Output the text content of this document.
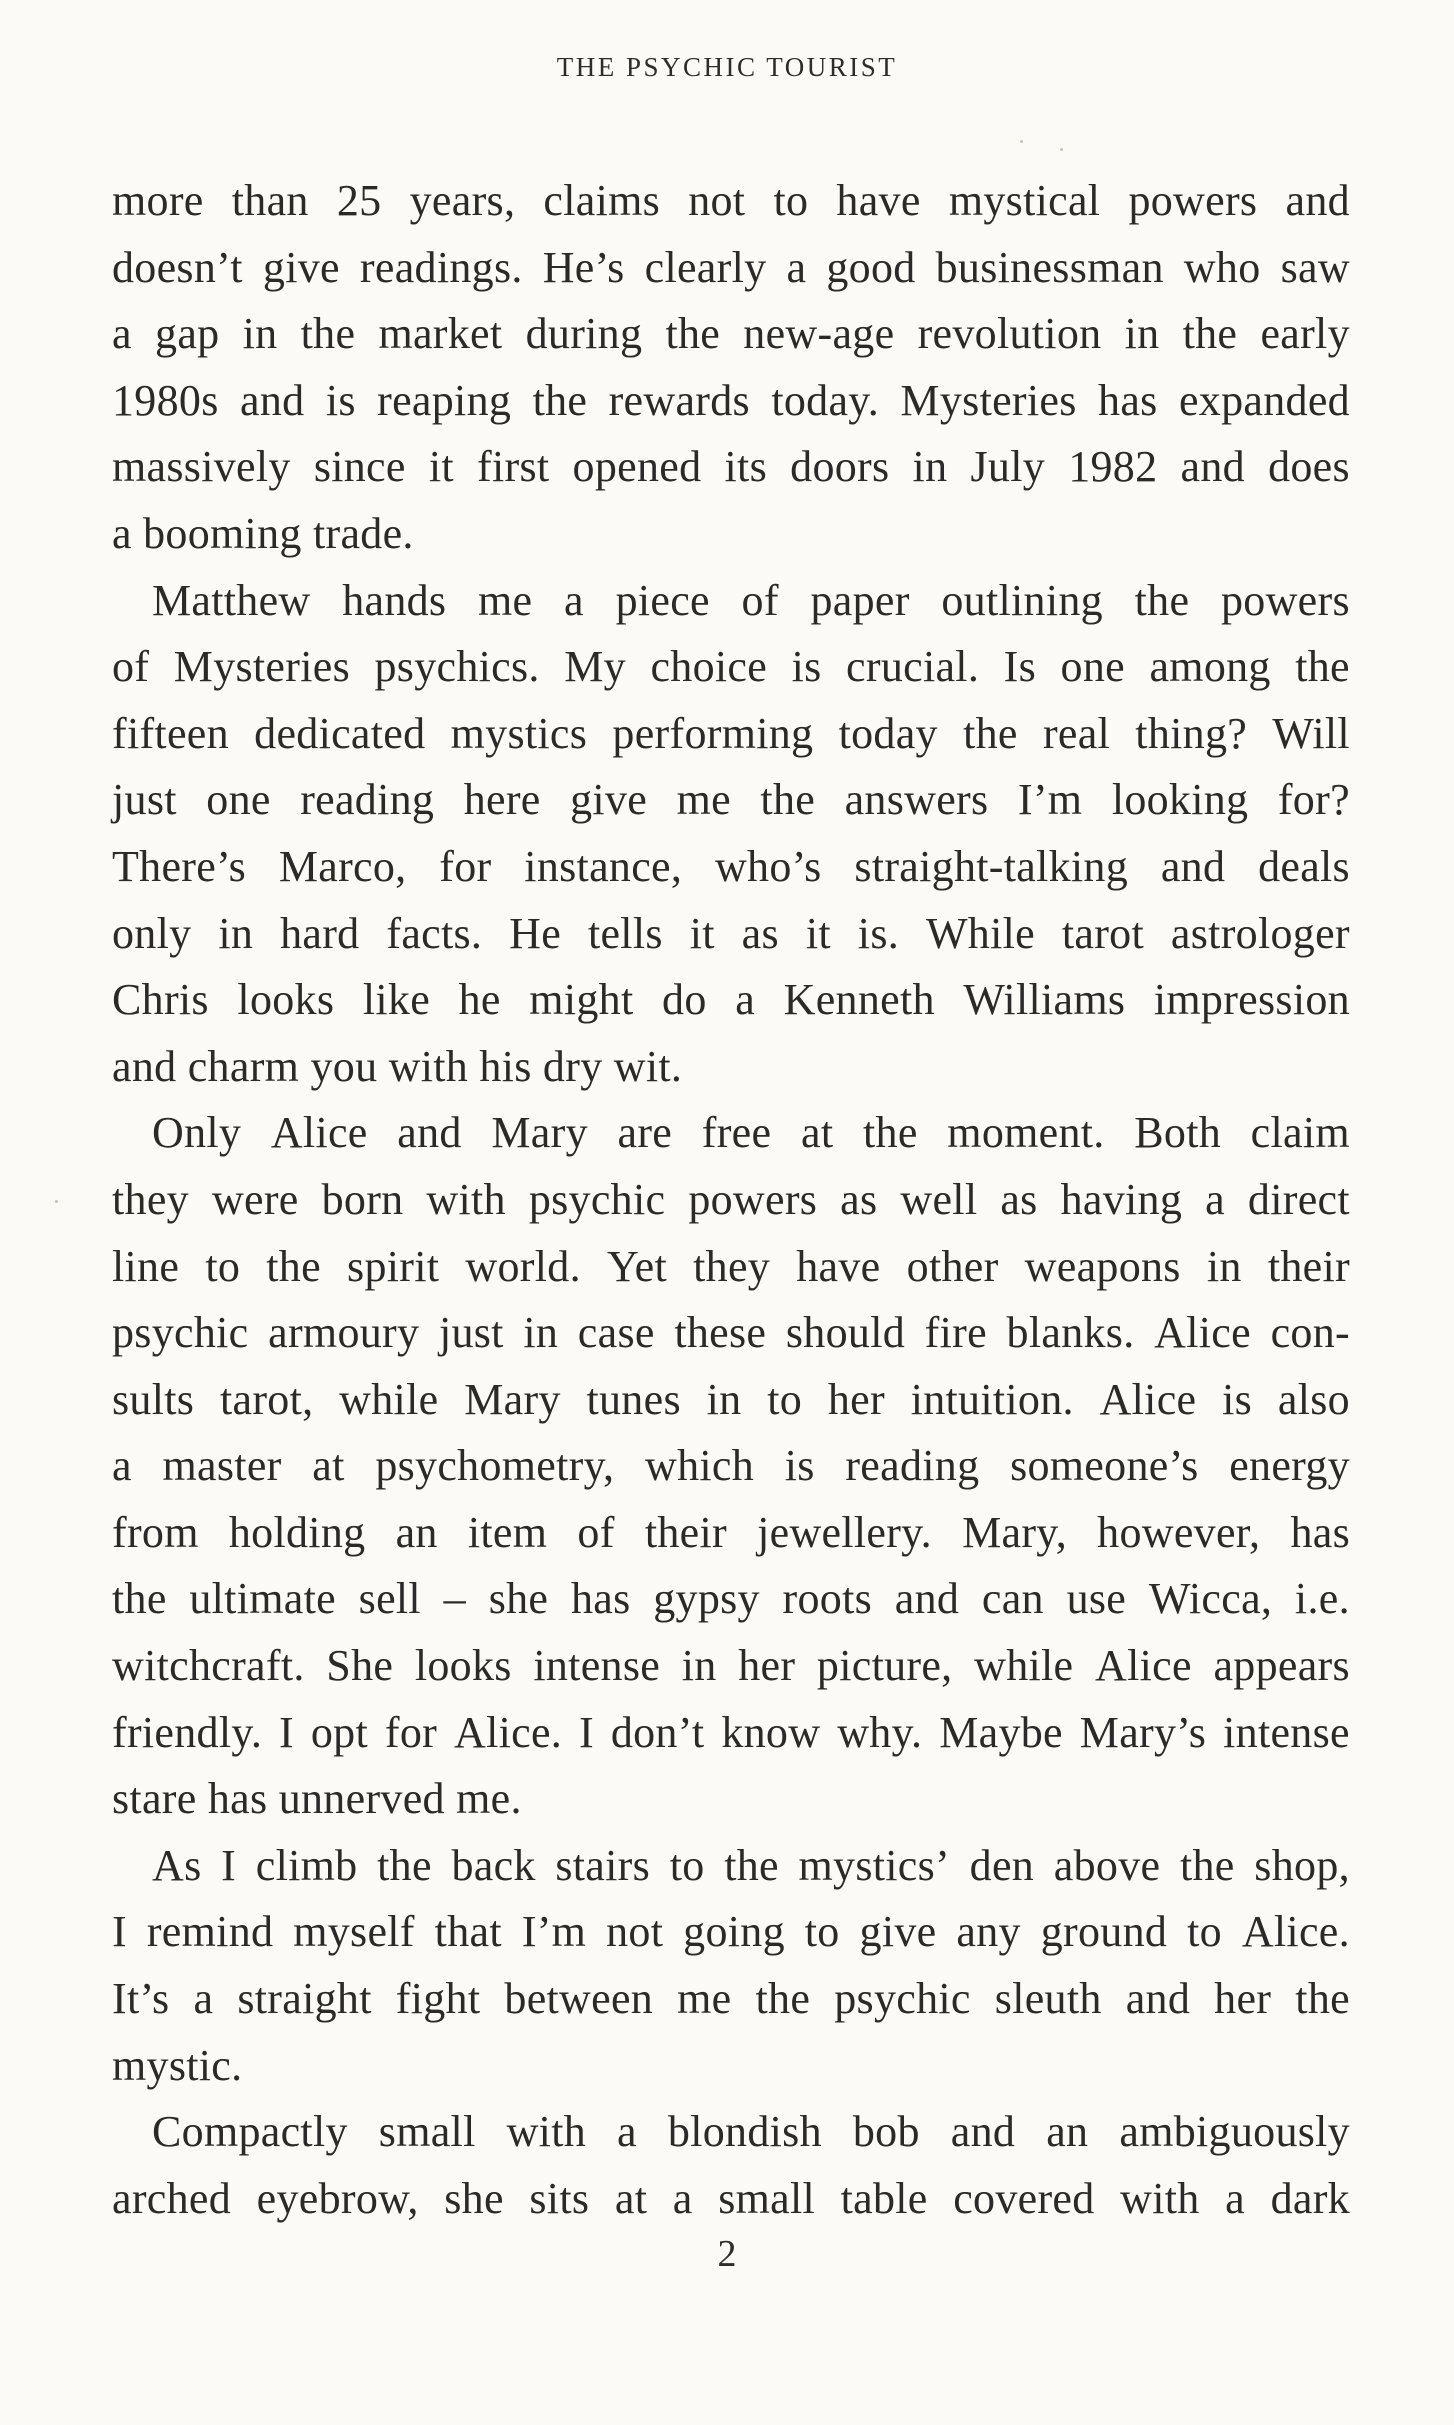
THE PSYCHIC TOURIST
more than 25 years, claims not to have mystical powers and
doesn’t give readings. He’s clearly a good businessman who saw
a gap in the market during the new-age revolution in the early
1980s and is reaping the rewards today. Mysteries has expanded
massively since it first opened its doors in July 1982 and does
a booming trade.
Matthew hands me a piece of paper outlining the powers
of Mysteries psychics. My choice is crucial. Is one among the
fifteen dedicated mystics performing today the real thing? Will
just one reading here give me the answers I’m looking for?
There’s Marco, for instance, who’s straight-talking and deals
only in hard facts. He tells it as it is. While tarot astrologer
Chris looks like he might do a Kenneth Williams impression
and charm you with his dry wit.
Only Alice and Mary are free at the moment. Both claim
they were born with psychic powers as well as having a direct
line to the spirit world. Yet they have other weapons in their
psychic armoury just in case these should fire blanks. Alice con-
sults tarot, while Mary tunes in to her intuition. Alice is also
a master at psychometry, which is reading someone’s energy
from holding an item of their jewellery. Mary, however, has
the ultimate sell – she has gypsy roots and can use Wicca, i.e.
witchcraft. She looks intense in her picture, while Alice appears
friendly. I opt for Alice. I don’t know why. Maybe Mary’s intense
stare has unnerved me.
As I climb the back stairs to the mystics’ den above the shop,
I remind myself that I’m not going to give any ground to Alice.
It’s a straight fight between me the psychic sleuth and her the
mystic.
Compactly small with a blondish bob and an ambiguously
arched eyebrow, she sits at a small table covered with a dark
2
